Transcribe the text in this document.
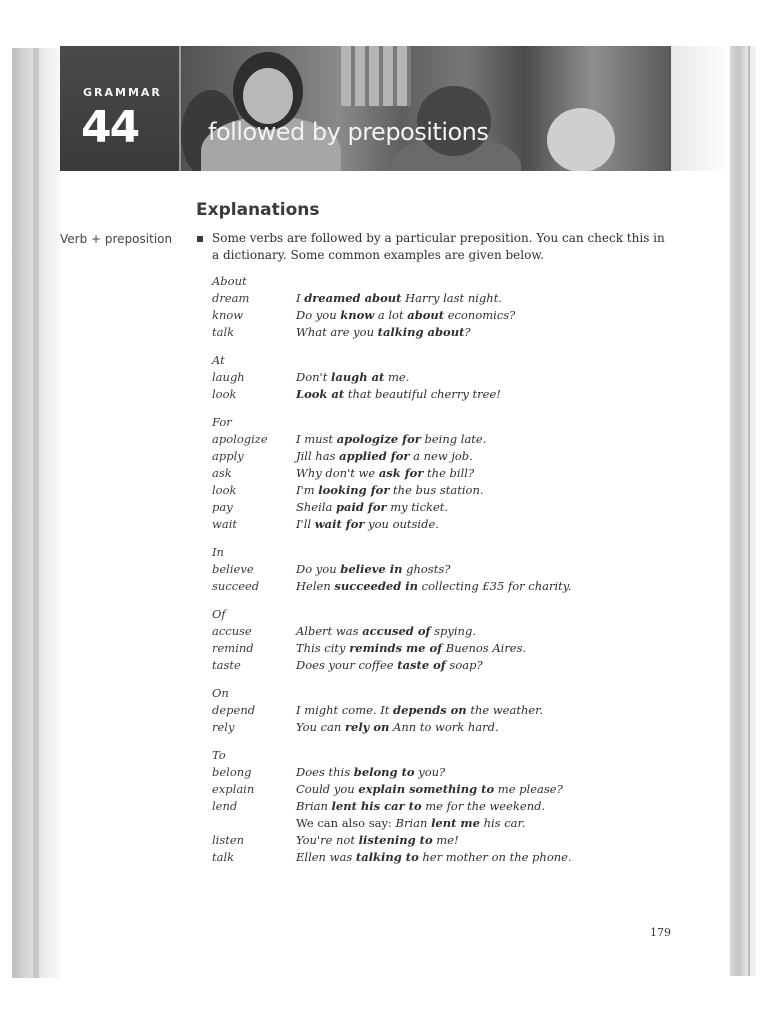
GRAMMAR
44	followed by prepositions
Explanations
Verb + preposition	Some verbs are followed by a particular preposition. You can check this in a dictionary. Some common examples are given below.
About
dream	I dreamed about Harry last night.
know	Do you know a lot about economics?
talk	What are you talking about?
At
laugh	Don't laugh at me.
look	Look at that beautiful cherry tree!
For
apologize	I must apologize for being late.
apply	Jill has applied for a new job.
ask	Why don't we ask for the bill?
look	I'm looking for the bus station.
pay	Sheila paid for my ticket.
wait	I'll wait for you outside.
In
believe	Do you believe in ghosts?
succeed	Helen succeeded in collecting £35 for charity.
Of
accuse	Albert was accused of spying.
remind	This city reminds me of Buenos Aires.
taste	Does your coffee taste of soap?
On
depend	I might come. It depends on the weather.
rely	You can rely on Ann to work hard.
To
belong	Does this belong to you?
explain	Could you explain something to me please?
lend	Brian lent his car to me for the weekend.
We can also say: Brian lent me his car.
listen	You're not listening to me!
talk	Ellen was talking to her mother on the phone.
179
